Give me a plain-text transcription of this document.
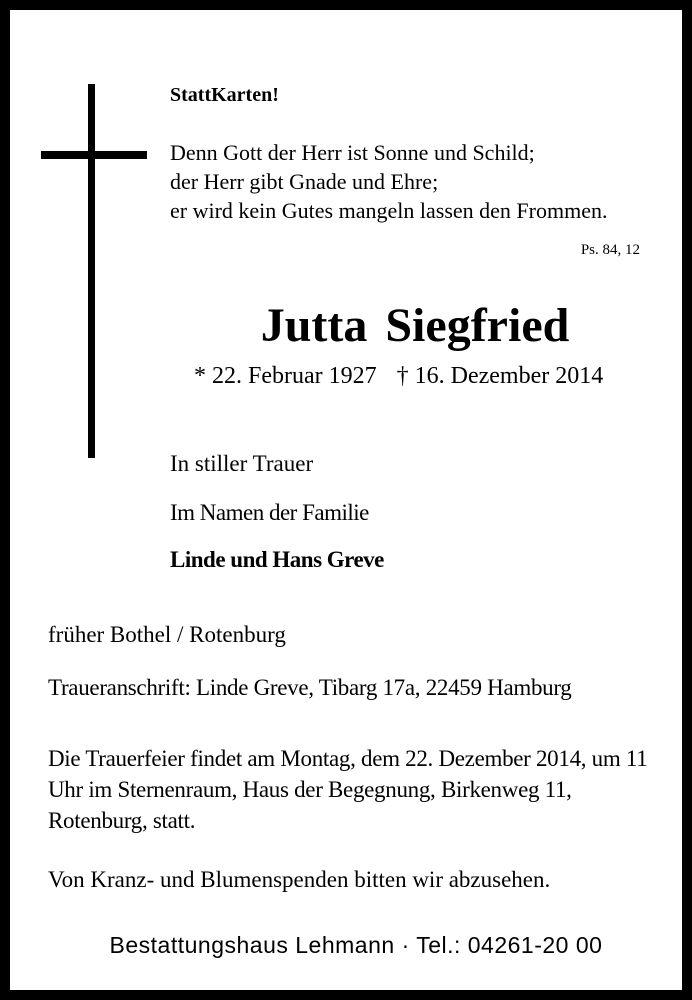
StattKarten!
Denn Gott der Herr ist Sonne und Schild;
der Herr gibt Gnade und Ehre;
er wird kein Gutes mangeln lassen den Frommen.
Ps. 84, 12
Jutta Siegfried
* 22. Februar 1927 † 16. Dezember 2014
In stiller Trauer
Im Namen der Familie
Linde und Hans Greve
früher Bothel / Rotenburg
Traueranschrift: Linde Greve, Tibarg 17a, 22459 Hamburg
Die Trauerfeier findet am Montag, dem 22. Dezember 2014, um 11 Uhr im Sternenraum, Haus der Begegnung, Birkenweg 11, Rotenburg, statt.
Von Kranz- und Blumenspenden bitten wir abzusehen.
Bestattungshaus Lehmann · Tel.: 04261-20 00
